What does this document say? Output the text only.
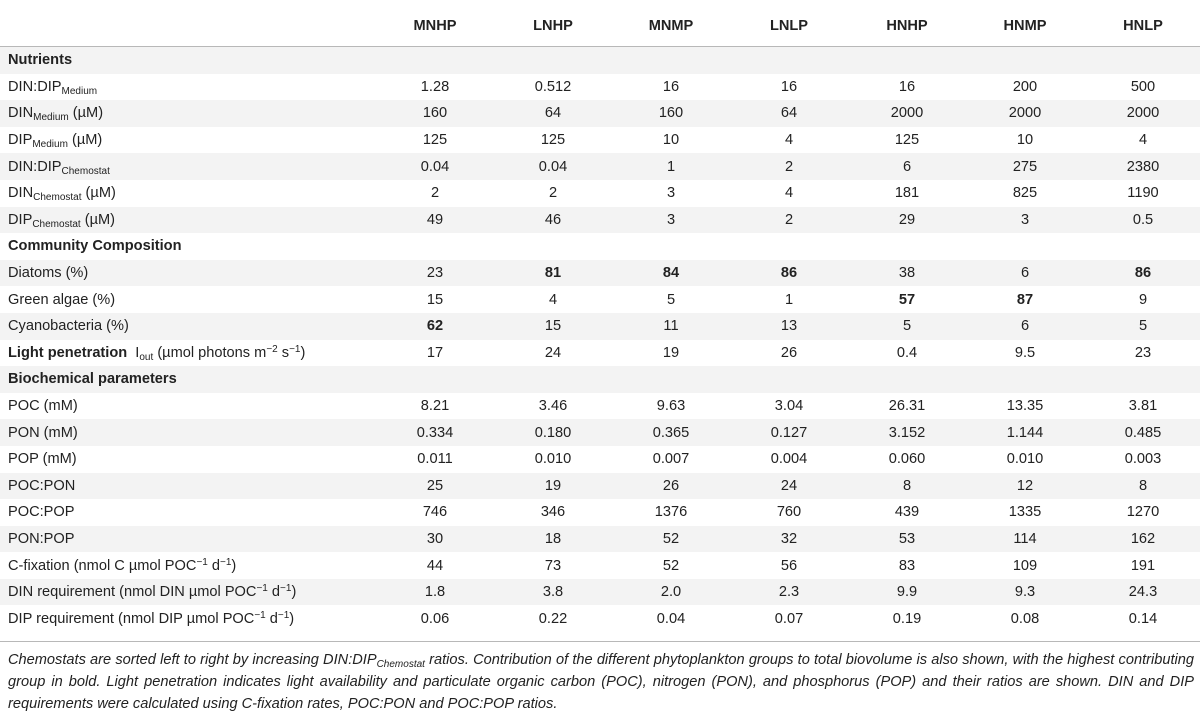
	MNHP	LNHP	MNMP	LNLP	HNHP	HNMP	HNLP
Nutrients							
$DIN:DIP_{Medium}$	1.28	0.512	16	16	16	200	500
$DIN_{Medium}$ (µM)	160	64	160	64	2000	2000	2000
$DIP_{Medium}$ (µM)	125	125	10	4	125	10	4
$DIN:DIP_{Chemostat}$	0.04	0.04	1	2	6	275	2380
$DIN_{Chemostat}$ (µM)	2	2	3	4	181	825	1190
$DIP_{Chemostat}$ (µM)	49	46	3	2	29	3	0.5
Community Composition							
Diatoms (%)	23	81	84	86	38	6	86
Green algae (%)	15	4	5	1	57	87	9
Cyanobacteria (%)	62	15	11	13	5	6	5
Light penetration $I_{out}$ (µmol photons $m^{-2}$ $s^{-1}$)	17	24	19	26	0.4	9.5	23
Biochemical parameters							
POC (mM)	8.21	3.46	9.63	3.04	26.31	13.35	3.81
PON (mM)	0.334	0.180	0.365	0.127	3.152	1.144	0.485
POP (mM)	0.011	0.010	0.007	0.004	0.060	0.010	0.003
POC:PON	25	19	26	24	8	12	8
POC:POP	746	346	1376	760	439	1335	1270
PON:POP	30	18	52	32	53	114	162
C-fixation (nmol C µmol $POC^{-1}$ $d^{-1}$)	44	73	52	56	83	109	191
DIN requirement (nmol DIN µmol $POC^{-1}$ $d^{-1}$)	1.8	3.8	2.0	2.3	9.9	9.3	24.3
DIP requirement (nmol DIP µmol $POC^{-1}$ $d^{-1}$)	0.06	0.22	0.04	0.07	0.19	0.08	0.14
Chemostats are sorted left to right by increasing $DIN:DIP_{Chemostat}$ ratios. Contribution of the different phytoplankton groups to total biovolume is also shown, with the highest contributing group in bold. Light penetration indicates light availability and particulate organic carbon (POC), nitrogen (PON), and phosphorus (POP) and their ratios are shown. DIN and DIP requirements were calculated using C-fixation rates, POC:PON and POC:POP ratios.
